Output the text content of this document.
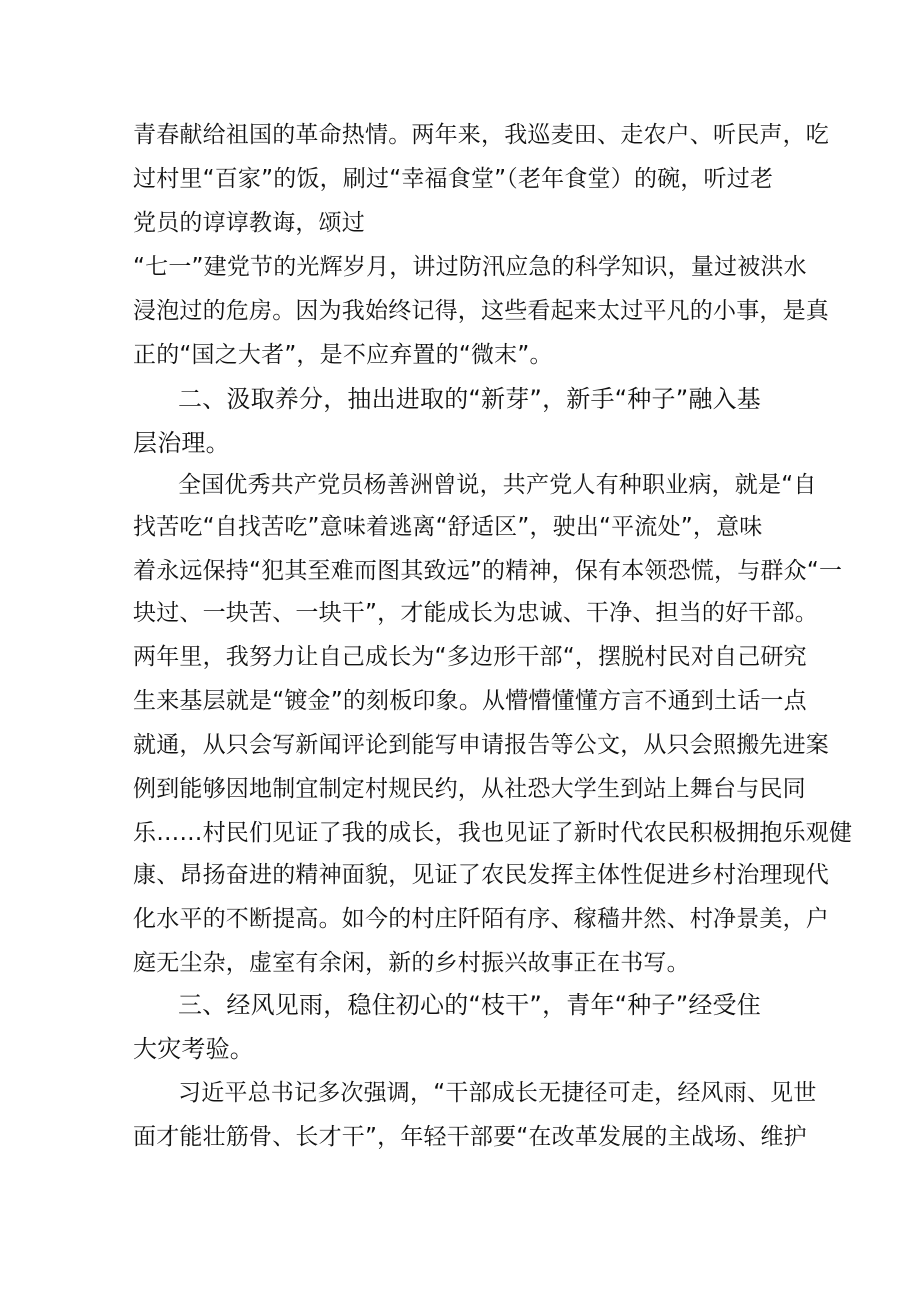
青春献给祖国的革命热情。两年来，我巡麦田、走农户、听民声，吃
过村里“百家”的饭，刷过“幸福食堂”（老年食堂）的碗，听过老
党员的谆谆教诲，颂过
“七一”建党节的光辉岁月，讲过防汛应急的科学知识，量过被洪水
浸泡过的危房。因为我始终记得，这些看起来太过平凡的小事，是真
正的“国之大者”，是不应弃置的“微末”。
二、汲取养分，抽出进取的“新芽”，新手“种子”融入基
层治理。
全国优秀共产党员杨善洲曾说，共产党人有种职业病，就是“自
找苦吃“自找苦吃”意味着逃离“舒适区”，驶出“平流处”，意味
着永远保持“犯其至难而图其致远”的精神，保有本领恐慌，与群众“一
块过、一块苦、一块干”，才能成长为忠诚、干净、担当的好干部。
两年里，我努力让自己成长为“多边形干部“，摆脱村民对自己研究
生来基层就是“镀金”的刻板印象。从懵懵懂懂方言不通到土话一点
就通，从只会写新闻评论到能写申请报告等公文，从只会照搬先进案
例到能够因地制宜制定村规民约，从社恐大学生到站上舞台与民同
乐……村民们见证了我的成长，我也见证了新时代农民积极拥抱乐观健
康、昂扬奋进的精神面貌，见证了农民发挥主体性促进乡村治理现代
化水平的不断提高。如今的村庄阡陌有序、稼穑井然、村净景美，户
庭无尘杂，虚室有余闲，新的乡村振兴故事正在书写。
三、经风见雨，稳住初心的“枝干”，青年“种子”经受住
大灾考验。
习近平总书记多次强调，“干部成长无捷径可走，经风雨、见世
面才能壮筋骨、长才干”，年轻干部要“在改革发展的主战场、维护
